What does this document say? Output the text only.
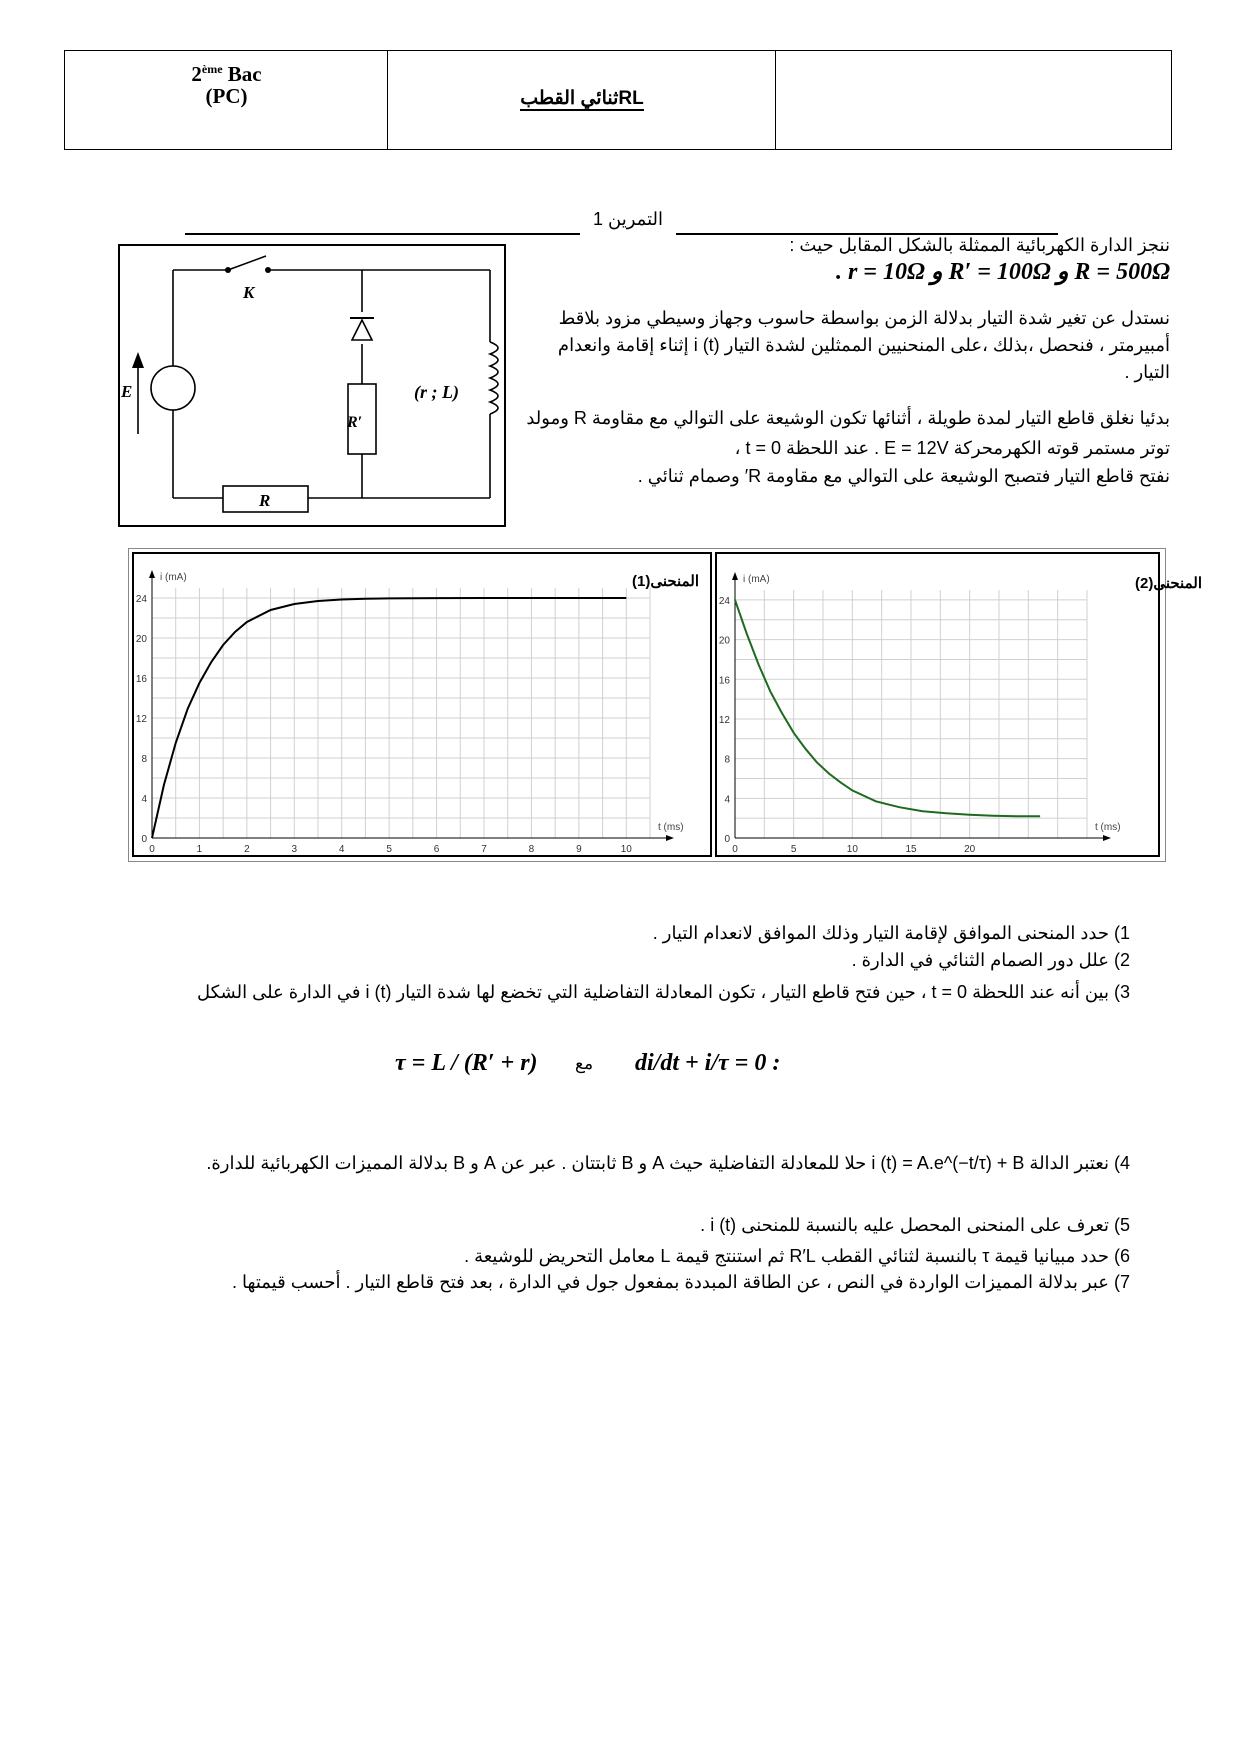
2ème Bac
(PC)	ثنائي القطبRL
التمرين 1
K
E
R′
(r ; L)
R
ننجز الدارة الكهربائية الممثلة بالشكل المقابل حيث :
R = 500Ω و R′ = 100Ω و r = 10Ω .
نستدل عن تغير شدة التيار بدلالة الزمن بواسطة حاسوب وجهاز وسيطي مزود بلاقط أمبيرمتر ، فنحصل ،بذلك ،على المنحنيين الممثلين لشدة التيار i (t) إثناء إقامة وانعدام التيار .
بدئيا نغلق قاطع التيار لمدة طويلة ، أثنائها تكون الوشيعة على التوالي مع مقاومة R ومولد توتر مستمر قوته الكهرمحركة E = 12V . عند اللحظة t = 0 ،
نفتح قاطع التيار فتصبح الوشيعة على التوالي مع مقاومة R′ وصمام ثنائي .
0	1	2	3	4	5	6	7	8	9	10
0
4
8
12
16
20
24
i (mA)
t (ms)
المنحنى(1)
0	5	10	15	20
0
4
8
12
16
20
24
i (mA)
t (ms)
المنحنى(2)
1) حدد المنحنى الموافق لإقامة التيار وذلك الموافق لانعدام التيار .
2) علل دور الصمام الثنائي في الدارة .
3) بين أنه عند اللحظة t = 0 ، حين فتح قاطع التيار ، تكون المعادلة التفاضلية التي تخضع لها شدة التيار i (t) في الدارة على الشكل
τ = L / (R′ + r) مع di/dt + i/τ = 0 :
4) نعتبر الدالة i (t) = A.e^(−t/τ) + B حلا للمعادلة التفاضلية حيث A و B ثابتتان . عبر عن A و B بدلالة المميزات الكهربائية للدارة.
5) تعرف على المنحنى المحصل عليه بالنسبة للمنحنى i (t) .
6) حدد مبيانيا قيمة τ بالنسبة لثنائي القطب R′L ثم استنتج قيمة L معامل التحريض للوشيعة .
7) عبر بدلالة المميزات الواردة في النص ، عن الطاقة المبددة بمفعول جول في الدارة ، بعد فتح قاطع التيار . أحسب قيمتها .
